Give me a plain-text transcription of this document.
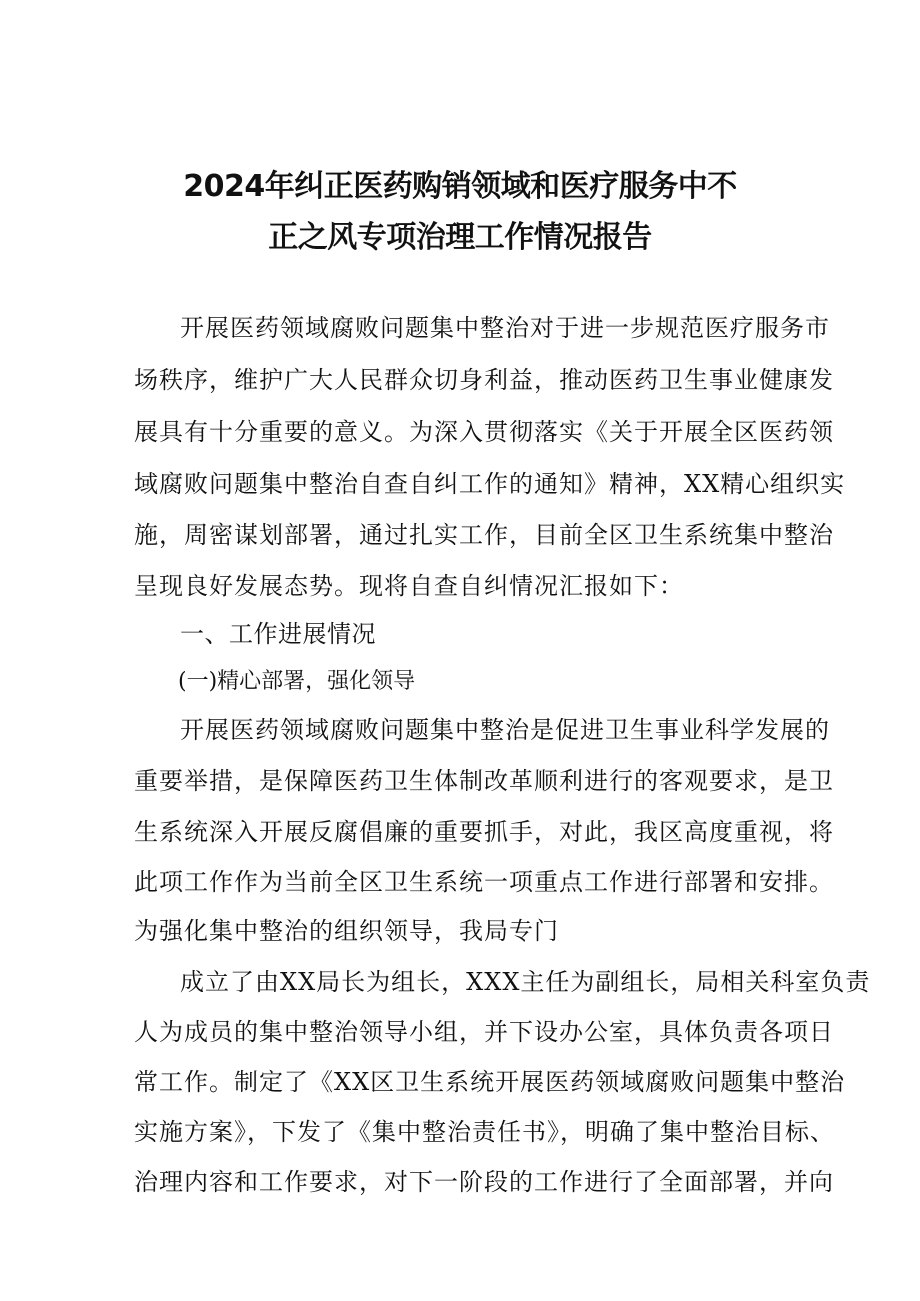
2024年纠正医药购销领域和医疗服务中不
正之风专项治理工作情况报告
开展医药领域腐败问题集中整治对于进一步规范医疗服务市
场秩序，维护广大人民群众切身利益，推动医药卫生事业健康发
展具有十分重要的意义。为深入贯彻落实《关于开展全区医药领
域腐败问题集中整治自查自纠工作的通知》精神，XX精心组织实
施，周密谋划部署，通过扎实工作，目前全区卫生系统集中整治
呈现良好发展态势。现将自查自纠情况汇报如下：
一、工作进展情况
(一)精心部署，强化领导
开展医药领域腐败问题集中整治是促进卫生事业科学发展的
重要举措，是保障医药卫生体制改革顺利进行的客观要求，是卫
生系统深入开展反腐倡廉的重要抓手，对此，我区高度重视，将
此项工作作为当前全区卫生系统一项重点工作进行部署和安排。
为强化集中整治的组织领导，我局专门
成立了由XX局长为组长，XXX主任为副组长，局相关科室负责
人为成员的集中整治领导小组，并下设办公室，具体负责各项日
常工作。制定了《XX区卫生系统开展医药领域腐败问题集中整治
实施方案》，下发了《集中整治责任书》，明确了集中整治目标、
治理内容和工作要求，对下一阶段的工作进行了全面部署，并向
